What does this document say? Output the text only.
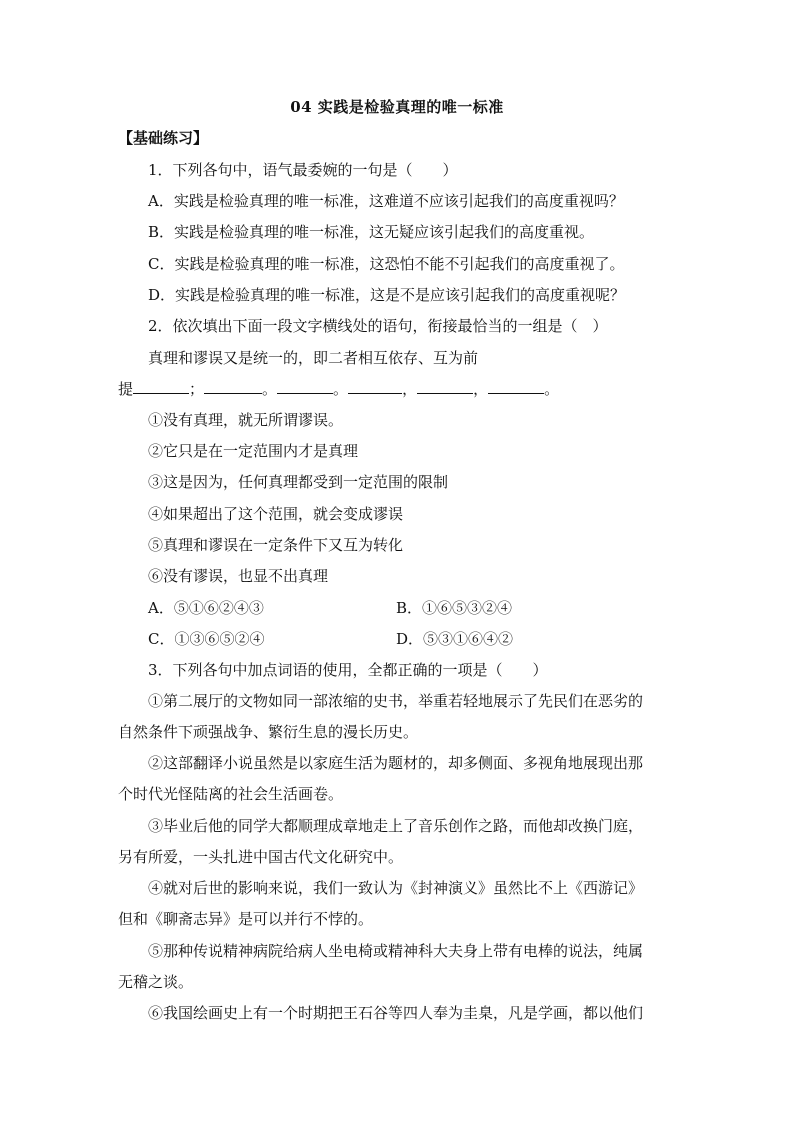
04 实践是检验真理的唯一标准
【基础练习】
1．下列各句中，语气最委婉的一句是（　　）
A．实践是检验真理的唯一标准，这难道不应该引起我们的高度重视吗？
B．实践是检验真理的唯一标准，这无疑应该引起我们的高度重视。
C．实践是检验真理的唯一标准，这恐怕不能不引起我们的高度重视了。
D．实践是检验真理的唯一标准，这是不是应该引起我们的高度重视呢？
2．依次填出下面一段文字横线处的语句，衔接最恰当的一组是（　）
真理和谬误又是统一的，即二者相互依存、互为前
提	；	。	。	，	，	。
①没有真理，就无所谓谬误。
②它只是在一定范围内才是真理
③这是因为，任何真理都受到一定范围的限制
④如果超出了这个范围，就会变成谬误
⑤真理和谬误在一定条件下又互为转化
⑥没有谬误，也显不出真理
A．⑤①⑥②④③	B．①⑥⑤③②④
C．①③⑥⑤②④	D．⑤③①⑥④②
3．下列各句中加点词语的使用，全都正确的一项是（　　）
①第二展厅的文物如同一部浓缩的史书，举重若轻地展示了先民们在恶劣的
自然条件下顽强战争、繁衍生息的漫长历史。
②这部翻译小说虽然是以家庭生活为题材的，却多侧面、多视角地展现出那
个时代光怪陆离的社会生活画卷。
③毕业后他的同学大都顺理成章地走上了音乐创作之路，而他却改换门庭，
另有所爱，一头扎进中国古代文化研究中。
④就对后世的影响来说，我们一致认为《封神演义》虽然比不上《西游记》
但和《聊斋志异》是可以并行不悖的。
⑤那种传说精神病院给病人坐电椅或精神科大夫身上带有电棒的说法，纯属
无稽之谈。
⑥我国绘画史上有一个时期把王石谷等四人奉为圭臬，凡是学画，都以他们
